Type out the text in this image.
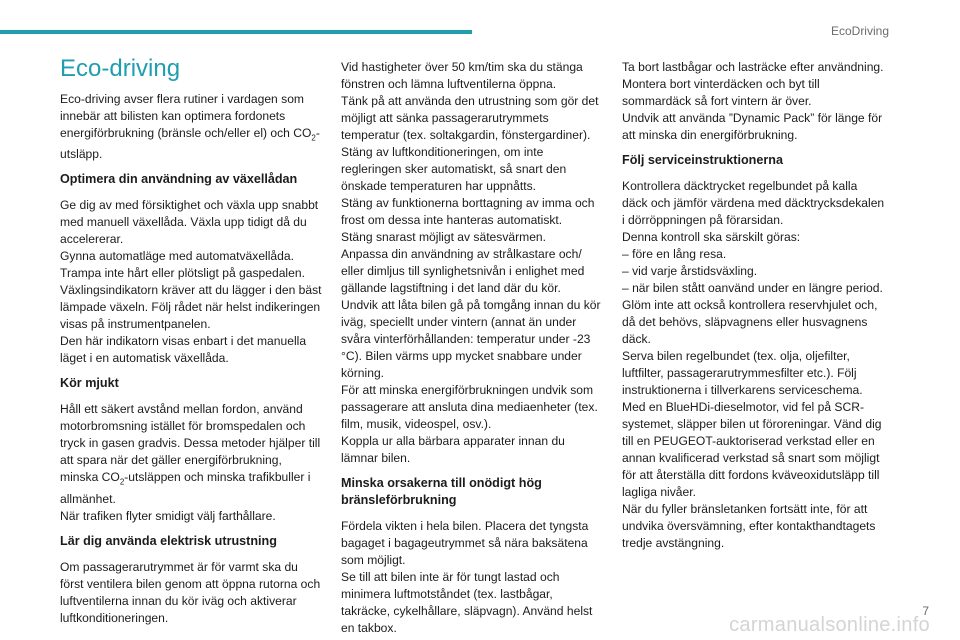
EcoDriving
Eco-driving

Eco-driving avser flera rutiner i vardagen som innebär att bilisten kan optimera fordonets energiförbrukning (bränsle och/eller el) och $CO_2$-utsläpp.

Optimera din användning av växellådan

Ge dig av med försiktighet och växla upp snabbt med manuell växellåda. Växla upp tidigt då du accelererar.

Gynna automatläge med automatväxellåda. Trampa inte hårt eller plötsligt på gaspedalen.

Växlingsindikatorn kräver att du lägger i den bäst lämpade växeln. Följ rådet när helst indikeringen visas på instrumentpanelen.

Den här indikatorn visas enbart i det manuella läget i en automatisk växellåda.

Kör mjukt

Håll ett säkert avstånd mellan fordon, använd motorbromsning istället för bromspedalen och tryck in gasen gradvis. Dessa metoder hjälper till att spara när det gäller energiförbrukning, minska $CO_2$-utsläppen och minska trafikbuller i allmänhet.

När trafiken flyter smidigt välj farthållare.

Lär dig använda elektrisk utrustning

Om passagerarutrymmet är för varmt ska du först ventilera bilen genom att öppna rutorna och luftventilerna innan du kör iväg och aktiverar luftkonditioneringen.

Vid hastigheter över 50 km/tim ska du stänga fönstren och lämna luftventilerna öppna.

Tänk på att använda den utrustning som gör det möjligt att sänka passagerarutrymmets temperatur (tex. soltakgardin, fönstergardiner).

Stäng av luftkonditioneringen, om inte regleringen sker automatiskt, så snart den önskade temperaturen har uppnåtts.

Stäng av funktionerna borttagning av imma och frost om dessa inte hanteras automatiskt.

Stäng snarast möjligt av sätesvärmen.

Anpassa din användning av strålkastare och/ eller dimljus till synlighetsnivån i enlighet med gällande lagstiftning i det land där du kör.

Undvik att låta bilen gå på tomgång innan du kör iväg, speciellt under vintern (annat än under svåra vinterförhållanden: temperatur under -23 °C). Bilen värms upp mycket snabbare under körning.

För att minska energiförbrukningen undvik som passagerare att ansluta dina mediaenheter (tex. film, musik, videospel, osv.).

Koppla ur alla bärbara apparater innan du lämnar bilen.

Minska orsakerna till onödigt hög bränsleförbrukning

Fördela vikten i hela bilen. Placera det tyngsta bagaget i bagageutrymmet så nära baksätena som möjligt.

Se till att bilen inte är för tungt lastad och minimera luftmotståndet (tex. lastbågar, takräcke, cykelhållare, släpvagn). Använd helst en takbox.

Ta bort lastbågar och lasträcke efter användning.

Montera bort vinterdäcken och byt till sommardäck så fort vintern är över.

Undvik att använda ”Dynamic Pack” för länge för att minska din energiförbrukning.

Följ serviceinstruktionerna

Kontrollera däcktrycket regelbundet på kalla däck och jämför värdena med däcktrycksdekalen i dörröppningen på förarsidan.

Denna kontroll ska särskilt göras:

– före en lång resa.

– vid varje årstidsväxling.

– när bilen stått oanvänd under en längre period.

Glöm inte att också kontrollera reservhjulet och, då det behövs, släpvagnens eller husvagnens däck.

Serva bilen regelbundet (tex. olja, oljefilter, luftfilter, passagerarutrymmesfilter etc.). Följ instruktionerna i tillverkarens serviceschema.

Med en BlueHDi-dieselmotor, vid fel på SCR-systemet, släpper bilen ut föroreningar. Vänd dig till en PEUGEOT-auktoriserad verkstad eller en annan kvalificerad verkstad så snart som möjligt för att återställa ditt fordons kväveoxidutsläpp till lagliga nivåer.

När du fyller bränsletanken fortsätt inte, för att undvika översvämning, efter kontakthandtagets tredje avstängning.

7
carmanualsonline.info
